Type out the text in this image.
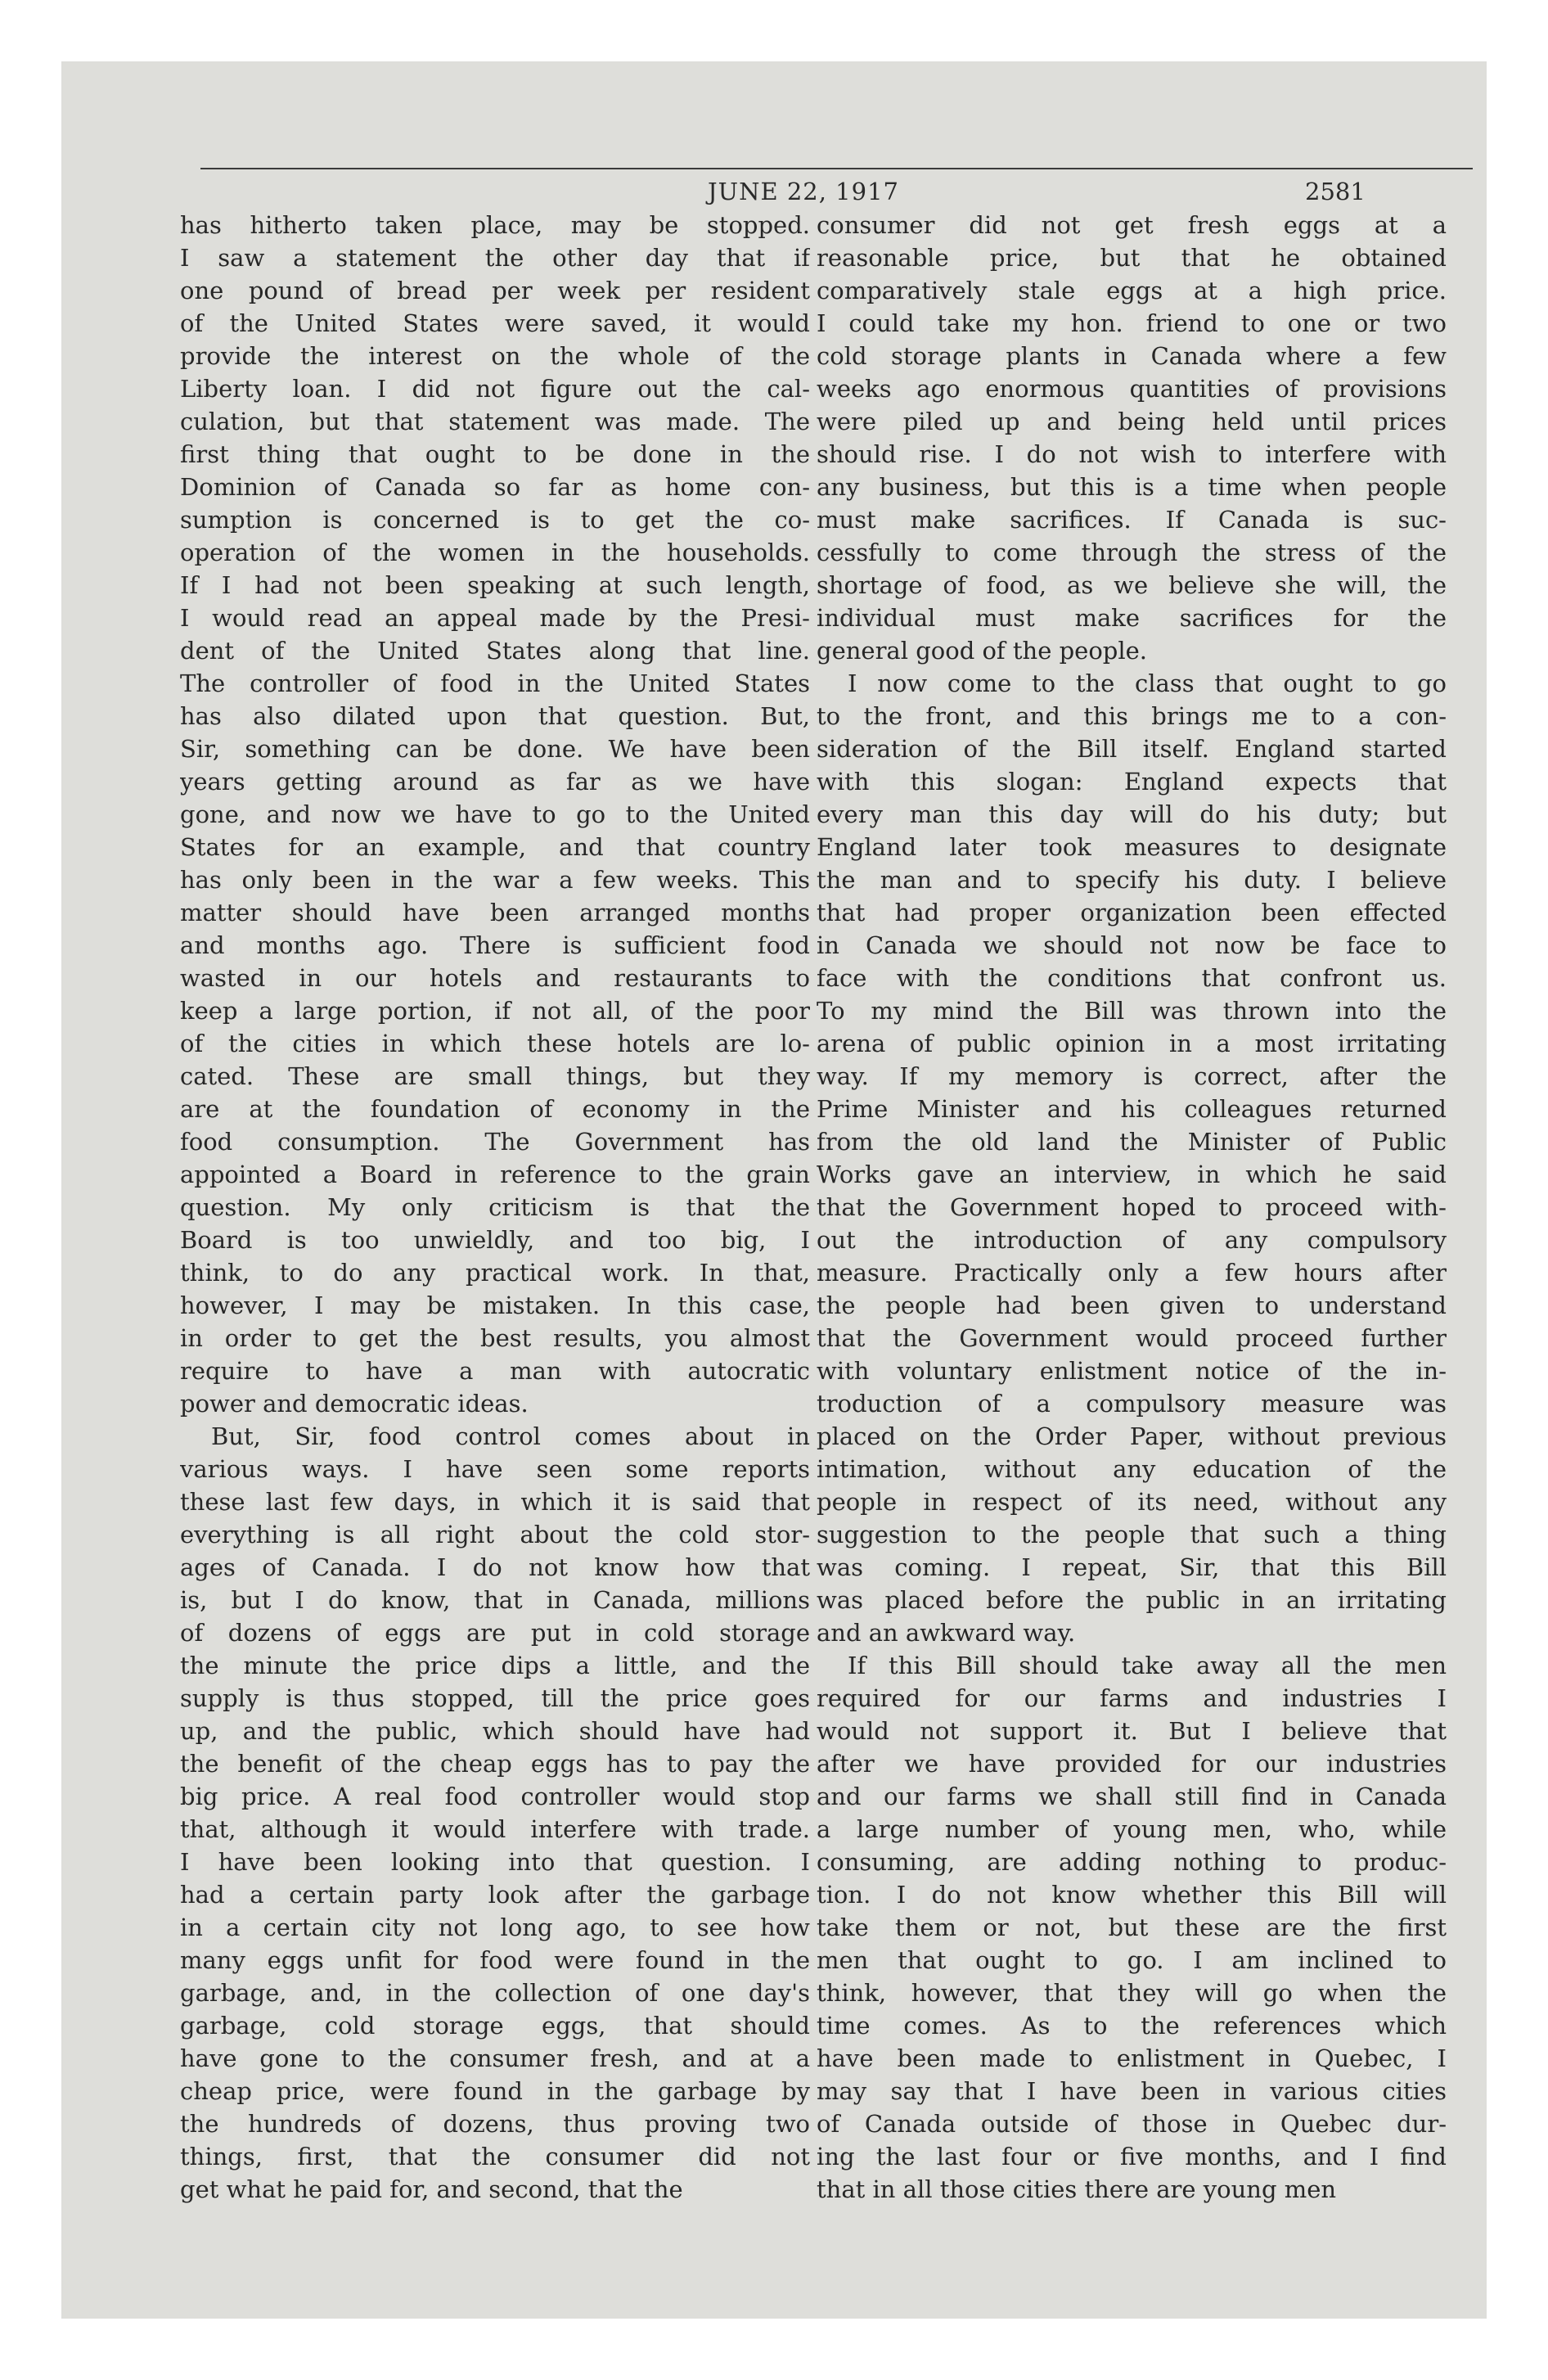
JUNE 22, 1917	2581

has hitherto taken place, may be stopped.
I saw a statement the other day that if
one pound of bread per week per resident
of the United States were saved, it would
provide the interest on the whole of the
Liberty loan. I did not figure out the cal-
culation, but that statement was made. The
first thing that ought to be done in the
Dominion of Canada so far as home con-
sumption is concerned is to get the co-
operation of the women in the households.
If I had not been speaking at such length,
I would read an appeal made by the Presi-
dent of the United States along that line.
The controller of food in the United States
has also dilated upon that question. But,
Sir, something can be done. We have been
years getting around as far as we have
gone, and now we have to go to the United
States for an example, and that country
has only been in the war a few weeks. This
matter should have been arranged months
and months ago. There is sufficient food
wasted in our hotels and restaurants to
keep a large portion, if not all, of the poor
of the cities in which these hotels are lo-
cated. These are small things, but they
are at the foundation of economy in the
food consumption. The Government has
appointed a Board in reference to the grain
question. My only criticism is that the
Board is too unwieldly, and too big, I
think, to do any practical work. In that,
however, I may be mistaken. In this case,
in order to get the best results, you almost
require to have a man with autocratic
power and democratic ideas.

But, Sir, food control comes about in
various ways. I have seen some reports
these last few days, in which it is said that
everything is all right about the cold stor-
ages of Canada. I do not know how that
is, but I do know, that in Canada, millions
of dozens of eggs are put in cold storage
the minute the price dips a little, and the
supply is thus stopped, till the price goes
up, and the public, which should have had
the benefit of the cheap eggs has to pay the
big price. A real food controller would stop
that, although it would interfere with trade.
I have been looking into that question. I
had a certain party look after the garbage
in a certain city not long ago, to see how
many eggs unfit for food were found in the
garbage, and, in the collection of one day's
garbage, cold storage eggs, that should
have gone to the consumer fresh, and at a
cheap price, were found in the garbage by
the hundreds of dozens, thus proving two
things, first, that the consumer did not
get what he paid for, and second, that the

consumer did not get fresh eggs at a
reasonable price, but that he obtained
comparatively stale eggs at a high price.
I could take my hon. friend to one or two
cold storage plants in Canada where a few
weeks ago enormous quantities of provisions
were piled up and being held until prices
should rise. I do not wish to interfere with
any business, but this is a time when people
must make sacrifices. If Canada is suc-
cessfully to come through the stress of the
shortage of food, as we believe she will, the
individual must make sacrifices for the
general good of the people.

I now come to the class that ought to go
to the front, and this brings me to a con-
sideration of the Bill itself. England started
with this slogan: England expects that
every man this day will do his duty; but
England later took measures to designate
the man and to specify his duty. I believe
that had proper organization been effected
in Canada we should not now be face to
face with the conditions that confront us.
To my mind the Bill was thrown into the
arena of public opinion in a most irritating
way. If my memory is correct, after the
Prime Minister and his colleagues returned
from the old land the Minister of Public
Works gave an interview, in which he said
that the Government hoped to proceed with-
out the introduction of any compulsory
measure. Practically only a few hours after
the people had been given to understand
that the Government would proceed further
with voluntary enlistment notice of the in-
troduction of a compulsory measure was
placed on the Order Paper, without previous
intimation, without any education of the
people in respect of its need, without any
suggestion to the people that such a thing
was coming. I repeat, Sir, that this Bill
was placed before the public in an irritating
and an awkward way.

If this Bill should take away all the men
required for our farms and industries I
would not support it. But I believe that
after we have provided for our industries
and our farms we shall still find in Canada
a large number of young men, who, while
consuming, are adding nothing to produc-
tion. I do not know whether this Bill will
take them or not, but these are the first
men that ought to go. I am inclined to
think, however, that they will go when the
time comes. As to the references which
have been made to enlistment in Quebec, I
may say that I have been in various cities
of Canada outside of those in Quebec dur-
ing the last four or five months, and I find
that in all those cities there are young men
